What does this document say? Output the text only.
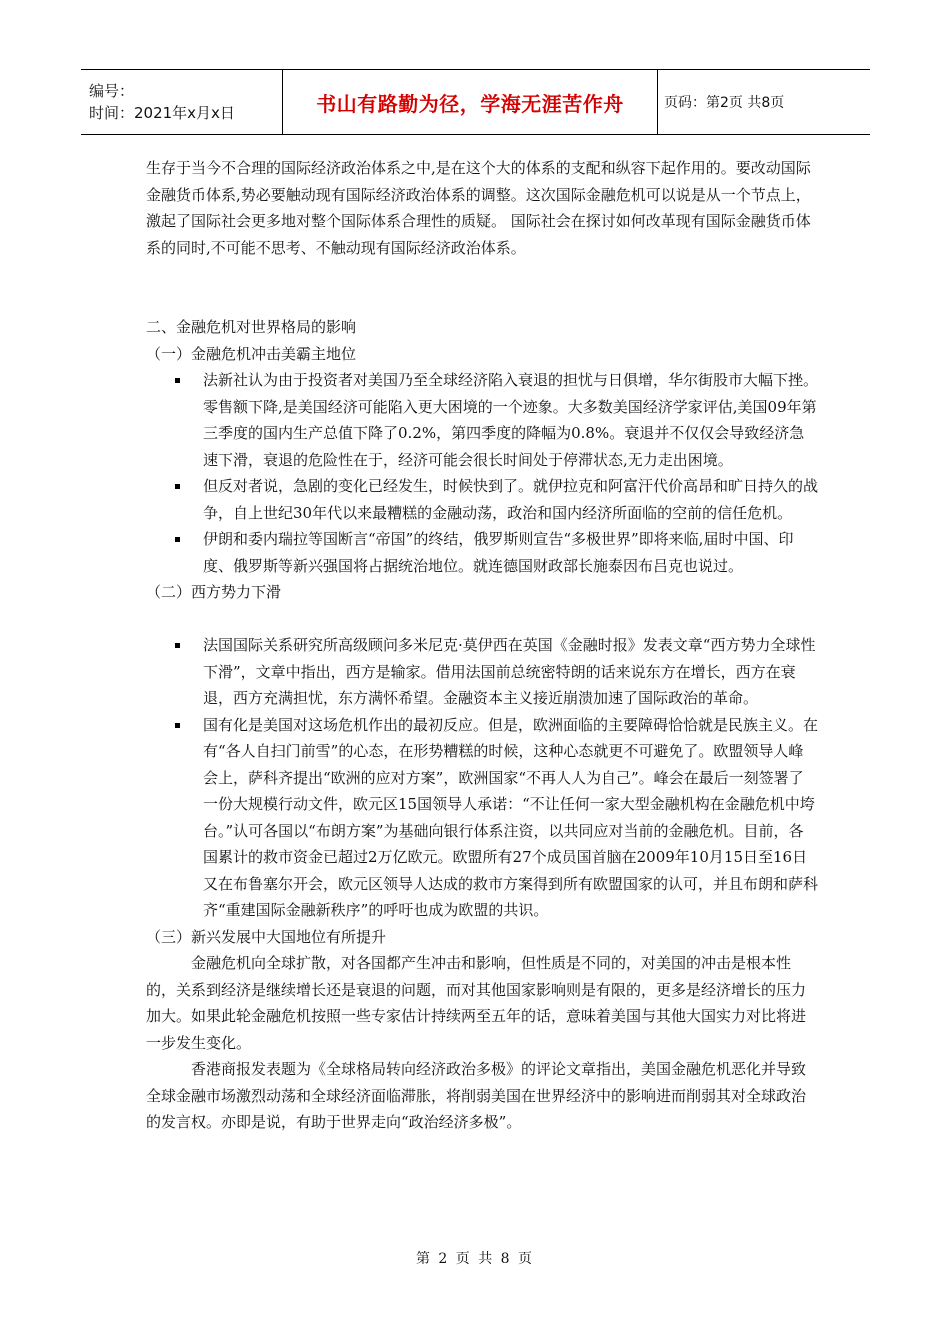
编号：
时间：2021年x月x日	书山有路勤为径，学海无涯苦作舟	页码：第2页 共8页

生存于当今不合理的国际经济政治体系之中,是在这个大的体系的支配和纵容下起作用的。要改动国际金融货币体系,势必要触动现有国际经济政治体系的调整。这次国际金融危机可以说是从一个节点上，激起了国际社会更多地对整个国际体系合理性的质疑。 国际社会在探讨如何改革现有国际金融货币体系的同时,不可能不思考、不触动现有国际经济政治体系。

二、金融危机对世界格局的影响

（一）金融危机冲击美霸主地位

法新社认为由于投资者对美国乃至全球经济陷入衰退的担忧与日俱增，华尔街股市大幅下挫。零售额下降,是美国经济可能陷入更大困境的一个迹象。大多数美国经济学家评估,美国09年第三季度的国内生产总值下降了0.2%，第四季度的降幅为0.8%。衰退并不仅仅会导致经济急速下滑，衰退的危险性在于，经济可能会很长时间处于停滞状态,无力走出困境。
但反对者说，急剧的变化已经发生，时候快到了。就伊拉克和阿富汗代价高昂和旷日持久的战争，自上世纪30年代以来最糟糕的金融动荡，政治和国内经济所面临的空前的信任危机。
伊朗和委内瑞拉等国断言“帝国”的终结，俄罗斯则宣告“多极世界”即将来临,届时中国、印度、俄罗斯等新兴强国将占据统治地位。就连德国财政部长施泰因布吕克也说过。

（二）西方势力下滑

法国国际关系研究所高级顾问多米尼克·莫伊西在英国《金融时报》发表文章“西方势力全球性下滑”，文章中指出，西方是输家。借用法国前总统密特朗的话来说东方在增长，西方在衰退，西方充满担忧，东方满怀希望。金融资本主义接近崩溃加速了国际政治的革命。
国有化是美国对这场危机作出的最初反应。但是，欧洲面临的主要障碍恰恰就是民族主义。在有“各人自扫门前雪”的心态，在形势糟糕的时候，这种心态就更不可避免了。欧盟领导人峰会上，萨科齐提出“欧洲的应对方案”，欧洲国家“不再人人为自己”。峰会在最后一刻签署了一份大规模行动文件，欧元区15国领导人承诺：“不让任何一家大型金融机构在金融危机中垮台。”认可各国以“布朗方案”为基础向银行体系注资，以共同应对当前的金融危机。目前，各国累计的救市资金已超过2万亿欧元。欧盟所有27个成员国首脑在2009年10月15日至16日又在布鲁塞尔开会，欧元区领导人达成的救市方案得到所有欧盟国家的认可，并且布朗和萨科齐“重建国际金融新秩序”的呼吁也成为欧盟的共识。

（三）新兴发展中大国地位有所提升

金融危机向全球扩散，对各国都产生冲击和影响，但性质是不同的，对美国的冲击是根本性的，关系到经济是继续增长还是衰退的问题，而对其他国家影响则是有限的，更多是经济增长的压力加大。如果此轮金融危机按照一些专家估计持续两至五年的话，意味着美国与其他大国实力对比将进一步发生变化。

香港商报发表题为《全球格局转向经济政治多极》的评论文章指出，美国金融危机恶化并导致全球金融市场激烈动荡和全球经济面临滞胀，将削弱美国在世界经济中的影响进而削弱其对全球政治的发言权。亦即是说，有助于世界走向“政治经济多极”。

第 2 页 共 8 页
